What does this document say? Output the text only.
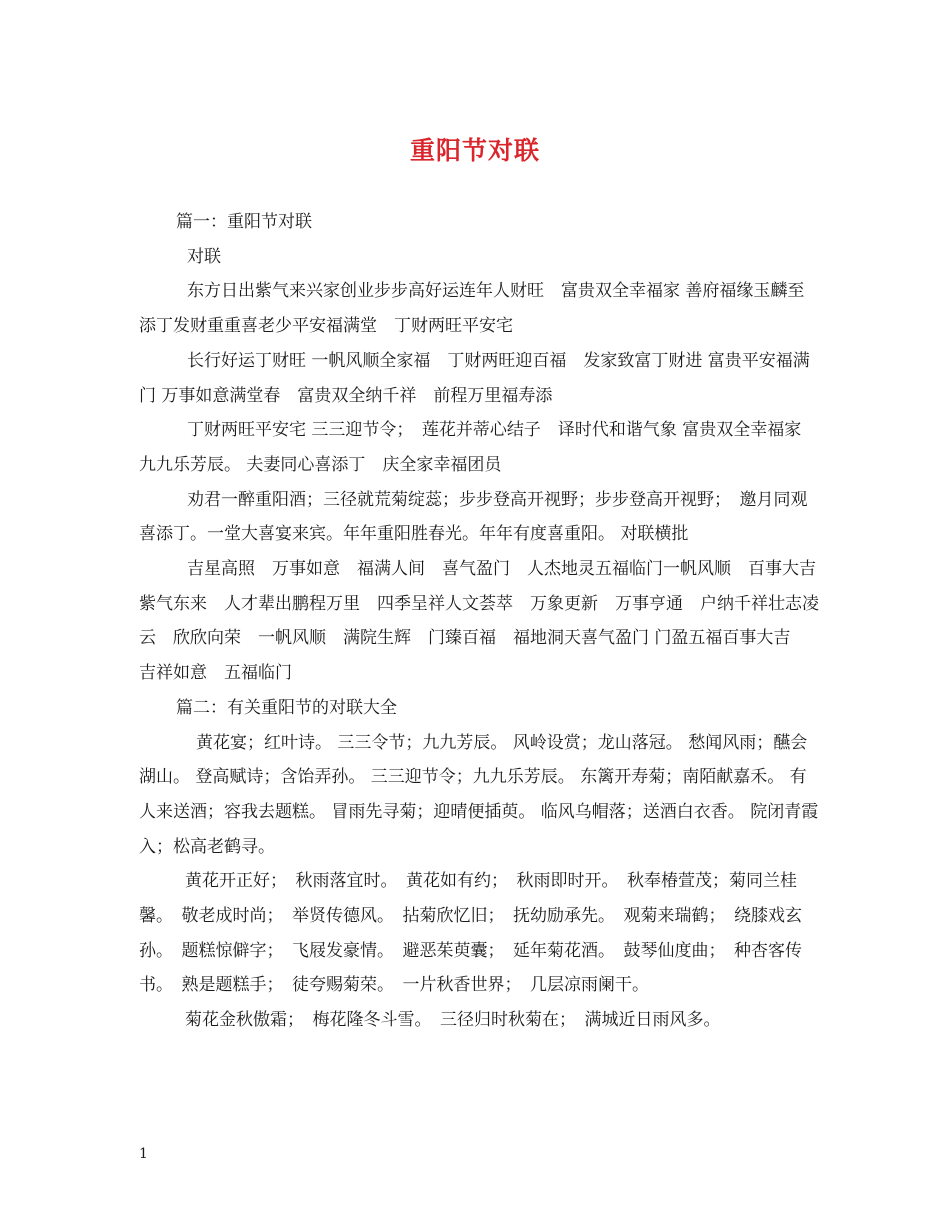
重阳节对联

篇一：重阳节对联

对联

东方日出紫气来兴家创业步步高好运连年人财旺　富贵双全幸福家 善府福缘玉麟至添丁发财重重喜老少平安福满堂　丁财两旺平安宅

长行好运丁财旺 一帆风顺全家福　丁财两旺迎百福　发家致富丁财进 富贵平安福满门 万事如意满堂春　富贵双全纳千祥　前程万里福寿添

丁财两旺平安宅 三三迎节令；　莲花并蒂心结子　译时代和谐气象 富贵双全幸福家 九九乐芳辰。 夫妻同心喜添丁　庆全家幸福团员

劝君一醉重阳酒；三径就荒菊绽蕊；步步登高开视野；步步登高开视野；　邀月同观喜添丁。一堂大喜宴来宾。年年重阳胜春光。年年有度喜重阳。 对联横批

吉星高照　万事如意　福满人间　喜气盈门　人杰地灵五福临门一帆风顺　百事大吉　紫气东来　人才辈出鹏程万里　四季呈祥人文荟萃　万象更新　万事亨通　户纳千祥壮志凌云　欣欣向荣　一帆风顺　满院生辉　门臻百福　福地洞天喜气盈门 门盈五福百事大吉　吉祥如意　五福临门

篇二：有关重阳节的对联大全

黄花宴；红叶诗。 三三令节；九九芳辰。 风岭设赏；龙山落冠。 愁闻风雨；醼会湖山。 登高赋诗；含饴弄孙。 三三迎节令；九九乐芳辰。 东篱开寿菊；南陌献嘉禾。 有人来送酒；容我去题糕。 冒雨先寻菊；迎晴便插萸。 临风乌帽落；送酒白衣香。 院闭青霞入；松高老鹤寻。

黄花开正好；　秋雨落宜时。　黄花如有约；　秋雨即时开。　秋奉椿萱茂；菊同兰桂馨。　敬老成时尚；　举贤传德风。　拈菊欣忆旧；　抚幼励承先。　观菊来瑞鹤；　绕膝戏玄孙。　题糕惊僻字；　飞屐发豪情。　避恶茱萸囊；　延年菊花酒。　鼓琴仙度曲；　种杏客传书。　熟是题糕手；　徒夸赐菊荣。　一片秋香世界；　几层凉雨阑干。

菊花金秋傲霜；　梅花隆冬斗雪。　三径归时秋菊在；　满城近日雨风多。

1
